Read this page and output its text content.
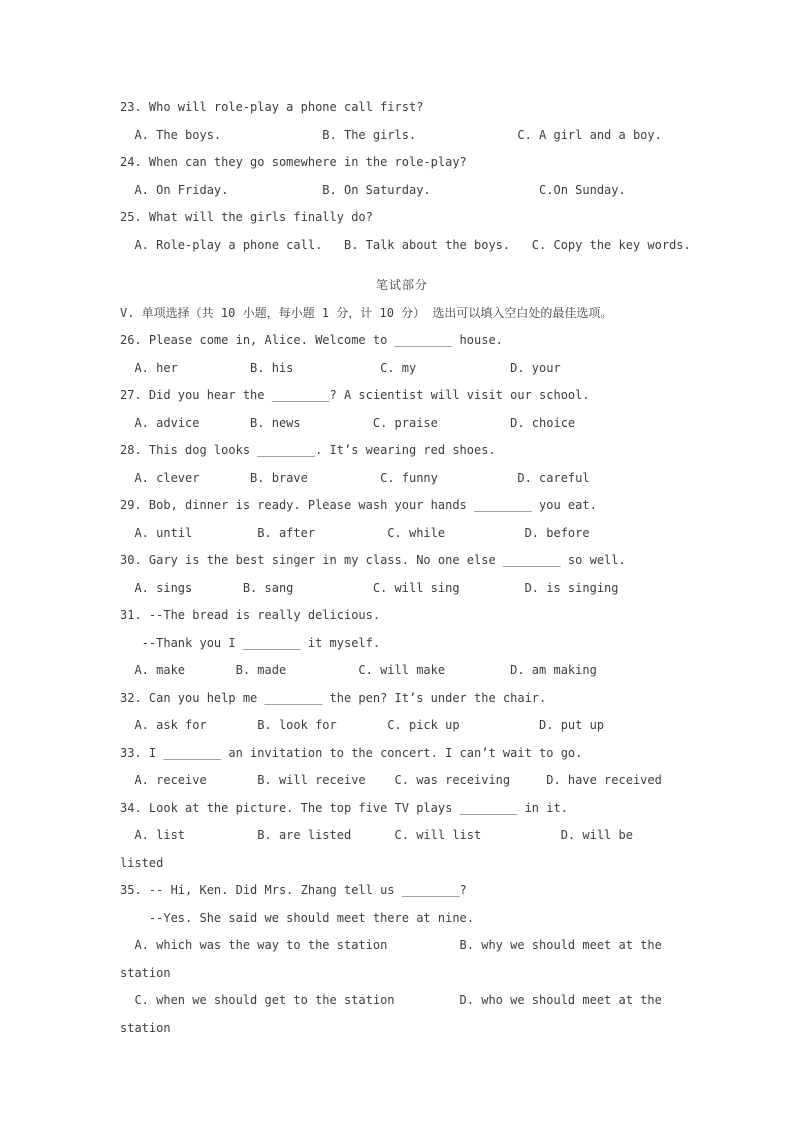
23. Who will role-play a phone call first?
A. The boys.              B. The girls.              C. A girl and a boy.
24. When can they go somewhere in the role-play?
A. On Friday.             B. On Saturday.               C.On Sunday.
25. What will the girls finally do?
A. Role-play a phone call.   B. Talk about the boys.   C. Copy the key words.
笔试部分
V. 单项选择（共 10 小题，每小题 1 分，计 10 分） 选出可以填入空白处的最佳选项。
26. Please come in, Alice. Welcome to ________ house.
A. her          B. his            C. my             D. your
27. Did you hear the ________? A scientist will visit our school.
A. advice       B. news          C. praise          D. choice
28. This dog looks ________. It’s wearing red shoes.
A. clever       B. brave          C. funny           D. careful
29. Bob, dinner is ready. Please wash your hands ________ you eat.
A. until         B. after          C. while           D. before
30. Gary is the best singer in my class. No one else ________ so well.
A. sings       B. sang           C. will sing         D. is singing
31. --The bread is really delicious.
--Thank you I ________ it myself.
A. make       B. made          C. will make         D. am making
32. Can you help me ________ the pen? It’s under the chair.
A. ask for       B. look for       C. pick up           D. put up
33. I ________ an invitation to the concert. I can’t wait to go.
A. receive       B. will receive    C. was receiving     D. have received
34. Look at the picture. The top five TV plays ________ in it.
A. list          B. are listed      C. will list           D. will be
listed
35. -- Hi, Ken. Did Mrs. Zhang tell us ________?
--Yes. She said we should meet there at nine.
A. which was the way to the station          B. why we should meet at the
station
C. when we should get to the station         D. who we should meet at the
station
